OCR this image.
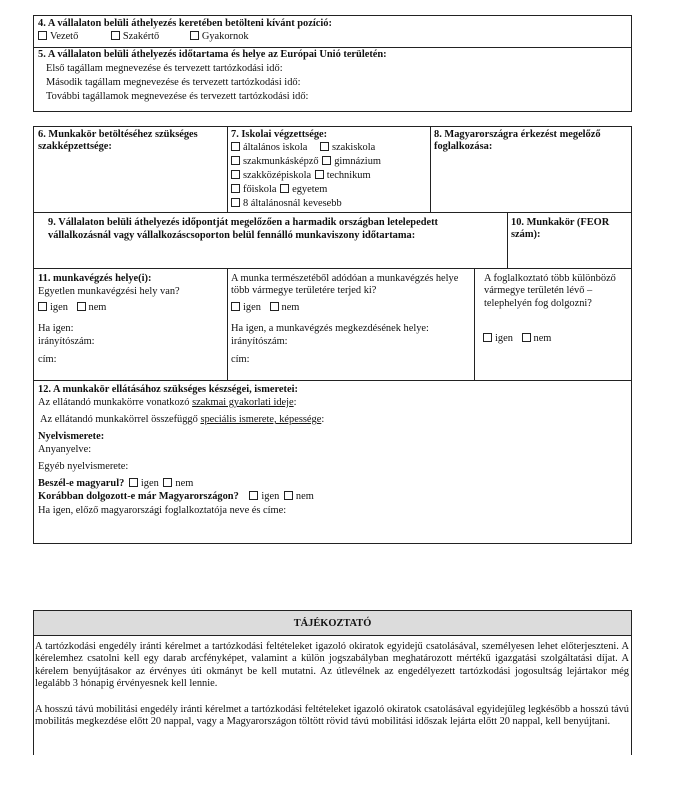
4. A vállalaton belüli áthelyezés keretében betölteni kívánt pozíció:
Vezető	Szakértő	Gyakornok
5. A vállalaton belüli áthelyezés időtartama és helye az Európai Unió területén:
Első tagállam megnevezése és tervezett tartózkodási idő:
Második tagállam megnevezése és tervezett tartózkodási idő:
További tagállamok megnevezése és tervezett tartózkodási idő:
6. Munkakör betöltéséhez szükséges szakképzettsége:
7. Iskolai végzettsége:
általános iskola szakiskola
szakmunkásképző gimnázium
szakközépiskola technikum
főiskola egyetem
8 általánosnál kevesebb
8. Magyarországra érkezést megelőző foglalkozása:
9. Vállalaton belüli áthelyezés időpontját megelőzően a harmadik országban letelepedett
vállalkozásnál vagy vállalkozáscsoporton belül fennálló munkaviszony időtartama:
10. Munkakör (FEOR szám):
11. munkavégzés helye(i):
Egyetlen munkavégzési hely van?
igen nem
Ha igen:
irányítószám:
cím:
A munka természetéből adódóan a munkavégzés helye több vármegye területére terjed ki?
igen nem
Ha igen, a munkavégzés megkezdésének helye:
irányítószám:
cím:
A foglalkoztató több különböző vármegye területén lévő – telephelyén fog dolgozni?
igen nem
12. A munkakör ellátásához szükséges készségei, ismeretei:
Az ellátandó munkakörre vonatkozó szakmai gyakorlati ideje:
Az ellátandó munkakörrel összefüggő speciális ismerete, képessége:
Nyelvismerete:
Anyanyelve:
Egyéb nyelvismerete:
Beszél-e magyarul? igen nem
Korábban dolgozott-e már Magyarországon? igen nem
Ha igen, előző magyarországi foglalkoztatója neve és címe:
TÁJÉKOZTATÓ
A tartózkodási engedély iránti kérelmet a tartózkodási feltételeket igazoló okiratok egyidejű csatolásával, személyesen lehet előterjeszteni. A kérelemhez csatolni kell egy darab arcfényképet, valamint a külön jogszabályban meghatározott mértékű igazgatási szolgáltatási díjat. A kérelem benyújtásakor az érvényes úti okmányt be kell mutatni. Az útlevélnek az engedélyezett tartózkodási jogosultság lejártakor még legalább 3 hónapig érvényesnek kell lennie.
A hosszú távú mobilitási engedély iránti kérelmet a tartózkodási feltételeket igazoló okiratok csatolásával egyidejűleg legkésőbb a hosszú távú mobilitás megkezdése előtt 20 nappal, vagy a Magyarországon töltött rövid távú mobilitási időszak lejárta előtt 20 nappal, kell benyújtani.
